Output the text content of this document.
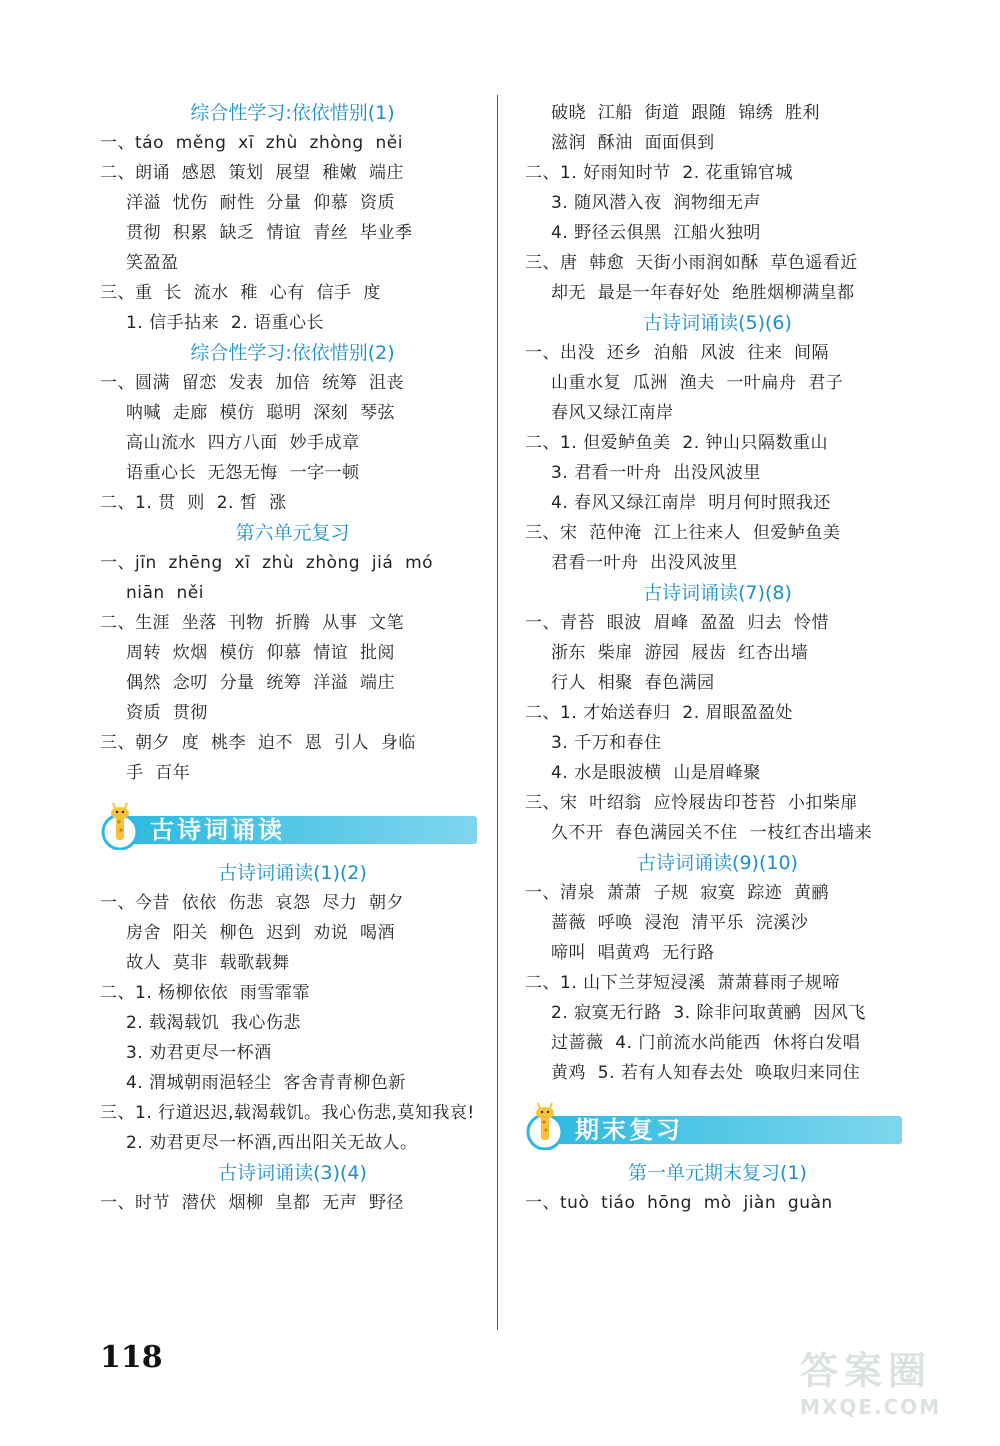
综合性学习:依依惜别(1)
一、táo  měng  xī  zhù  zhòng  něi
二、朗诵  感恩  策划  展望  稚嫩  端庄
洋溢  忧伤  耐性  分量  仰慕  资质
贯彻  积累  缺乏  情谊  青丝  毕业季
笑盈盈
三、重  长  流水  稚  心有  信手  度
1. 信手拈来  2. 语重心长
综合性学习:依依惜别(2)
一、圆满  留恋  发表  加倍  统筹  沮丧
呐喊  走廊  模仿  聪明  深刻  琴弦
高山流水  四方八面  妙手成章
语重心长  无怨无悔  一字一顿
二、1. 贯  则  2. 皙  涨
第六单元复习
一、jīn  zhēng  xī  zhù  zhòng  jiá  mó
niān  něi
二、生涯  坐落  刊物  折腾  从事  文笔
周转  炊烟  模仿  仰慕  情谊  批阅
偶然  念叨  分量  统筹  洋溢  端庄
资质  贯彻
三、朝夕  度  桃李  迫不  恩  引人  身临
手  百年
古诗词诵读
古诗词诵读(1)(2)
一、今昔  依依  伤悲  哀怨  尽力  朝夕
房舍  阳关  柳色  迟到  劝说  喝酒
故人  莫非  载歌载舞
二、1. 杨柳依依  雨雪霏霏
2. 载渴载饥  我心伤悲
3. 劝君更尽一杯酒
4. 渭城朝雨浥轻尘  客舍青青柳色新
三、1. 行道迟迟,载渴载饥。我心伤悲,莫知我哀!
2. 劝君更尽一杯酒,西出阳关无故人。
古诗词诵读(3)(4)
一、时节  潜伏  烟柳  皇都  无声  野径
破晓  江船  街道  跟随  锦绣  胜利
滋润  酥油  面面俱到
二、1. 好雨知时节  2. 花重锦官城
3. 随风潜入夜  润物细无声
4. 野径云俱黑  江船火独明
三、唐  韩愈  天街小雨润如酥  草色遥看近
却无  最是一年春好处  绝胜烟柳满皇都
古诗词诵读(5)(6)
一、出没  还乡  泊船  风波  往来  间隔
山重水复  瓜洲  渔夫  一叶扁舟  君子
春风又绿江南岸
二、1. 但爱鲈鱼美  2. 钟山只隔数重山
3. 君看一叶舟  出没风波里
4. 春风又绿江南岸  明月何时照我还
三、宋  范仲淹  江上往来人  但爱鲈鱼美
君看一叶舟  出没风波里
古诗词诵读(7)(8)
一、青苔  眼波  眉峰  盈盈  归去  怜惜
浙东  柴扉  游园  屐齿  红杏出墙
行人  相聚  春色满园
二、1. 才始送春归  2. 眉眼盈盈处
3. 千万和春住
4. 水是眼波横  山是眉峰聚
三、宋  叶绍翁  应怜屐齿印苍苔  小扣柴扉
久不开  春色满园关不住  一枝红杏出墙来
古诗词诵读(9)(10)
一、清泉  萧萧  子规  寂寞  踪迹  黄鹂
蔷薇  呼唤  浸泡  清平乐  浣溪沙
啼叫  唱黄鸡  无行路
二、1. 山下兰芽短浸溪  萧萧暮雨子规啼
2. 寂寞无行路  3. 除非问取黄鹂  因风飞
过蔷薇  4. 门前流水尚能西  休将白发唱
黄鸡  5. 若有人知春去处  唤取归来同住
期末复习
第一单元期末复习(1)
一、tuò  tiáo  hōng  mò  jiàn  guàn
118	答案圈
MXQE.COM
